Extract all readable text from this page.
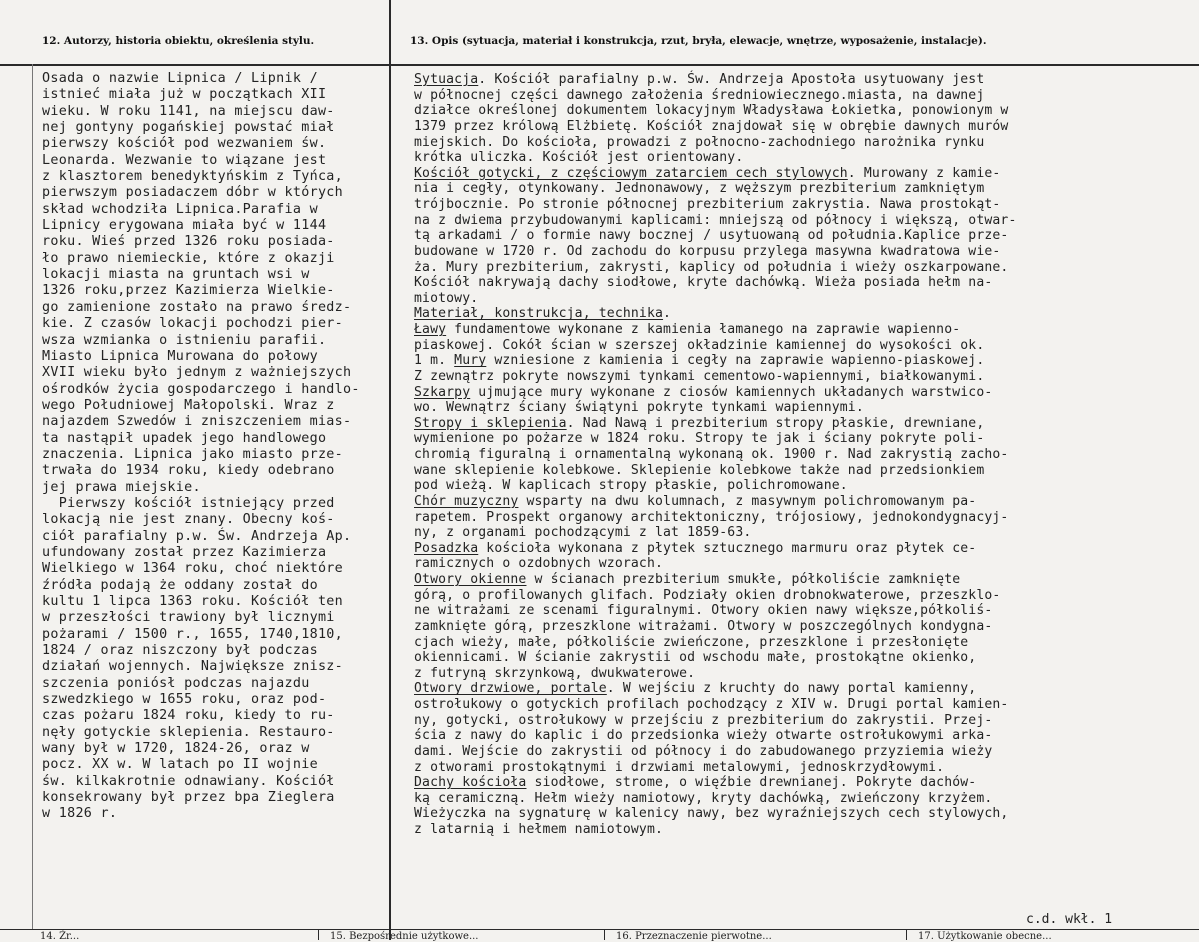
12. Autorzy, historia obiektu, określenia stylu.	13. Opis (sytuacja, materiał i konstrukcja, rzut, bryła, elewacje, wnętrze, wyposażenie, instalacje).
Osada o nazwie Lipnica / Lipnik /
istnieć miała już w początkach XII
wieku. W roku 1141, na miejscu daw-
nej gontyny pogańskiej powstać miał
pierwszy kościół pod wezwaniem św.
Leonarda. Wezwanie to wiązane jest
z klasztorem benedyktyńskim z Tyńca,
pierwszym posiadaczem dóbr w których
skład wchodziła Lipnica.Parafia w
Lipnicy erygowana miała być w 1144
roku. Wieś przed 1326 roku posiada-
ło prawo niemieckie, które z okazji
lokacji miasta na gruntach wsi w
1326 roku,przez Kazimierza Wielkie-
go zamienione zostało na prawo średz-
kie. Z czasów lokacji pochodzi pier-
wsza wzmianka o istnieniu parafii.
Miasto Lipnica Murowana do połowy
XVII wieku było jednym z ważniejszych
ośrodków życia gospodarczego i handlo-
wego Południowej Małopolski. Wraz z
najazdem Szwedów i zniszczeniem mias-
ta nastąpił upadek jego handlowego
znaczenia. Lipnica jako miasto prze-
trwała do 1934 roku, kiedy odebrano
jej prawa miejskie.
Pierwszy kościół istniejący przed
lokacją nie jest znany. Obecny koś-
ciół parafialny p.w. Św. Andrzeja Ap.
ufundowany został przez Kazimierza
Wielkiego w 1364 roku, choć niektóre
źródła podają że oddany został do
kultu 1 lipca 1363 roku. Kościół ten
w przeszłości trawiony był licznymi
pożarami / 1500 r., 1655, 1740,1810,
1824 / oraz niszczony był podczas
działań wojennych. Największe znisz-
szczenia poniósł podczas najazdu
szwedzkiego w 1655 roku, oraz pod-
czas pożaru 1824 roku, kiedy to ru-
nęły gotyckie sklepienia. Restauro-
wany był w 1720, 1824-26, oraz w
pocz. XX w. W latach po II wojnie
św. kilkakrotnie odnawiany. Kościół
konsekrowany był przez bpa Zieglera
w 1826 r.
Sytuacja. Kościół parafialny p.w. Św. Andrzeja Apostoła usytuowany jest
w północnej części dawnego założenia średniowiecznego.miasta, na dawnej
działce określonej dokumentem lokacyjnym Władysława Łokietka, ponowionym w
1379 przez królową Elżbietę. Kościół znajdował się w obrębie dawnych murów
miejskich. Do kościoła, prowadzi z połnocno-zachodniego narożnika rynku
krótka uliczka. Kościół jest orientowany.
Kościół gotycki, z częściowym zatarciem cech stylowych. Murowany z kamie-
nia i cegły, otynkowany. Jednonawowy, z węższym prezbiterium zamkniętym
trójbocznie. Po stronie północnej prezbiterium zakrystia. Nawa prostokąt-
na z dwiema przybudowanymi kaplicami: mniejszą od północy i większą, otwar-
tą arkadami / o formie nawy bocznej / usytuowaną od południa.Kaplice prze-
budowane w 1720 r. Od zachodu do korpusu przylega masywna kwadratowa wie-
ża. Mury prezbiterium, zakrysti, kaplicy od południa i wieży oszkarpowane.
Kościół nakrywają dachy siodłowe, kryte dachówką. Wieża posiada hełm na-
miotowy.
Materiał, konstrukcja, technika.
Ławy fundamentowe wykonane z kamienia łamanego na zaprawie wapienno-
piaskowej. Cokół ścian w szerszej okładzinie kamiennej do wysokości ok.
1 m. Mury wzniesione z kamienia i cegły na zaprawie wapienno-piaskowej.
Z zewnątrz pokryte nowszymi tynkami cementowo-wapiennymi, białkowanymi.
Szkarpy ujmujące mury wykonane z ciosów kamiennych układanych warstwico-
wo. Wewnątrz ściany świątyni pokryte tynkami wapiennymi.
Stropy i sklepienia. Nad Nawą i prezbiterium stropy płaskie, drewniane,
wymienione po pożarze w 1824 roku. Stropy te jak i ściany pokryte poli-
chromią figuralną i ornamentalną wykonaną ok. 1900 r. Nad zakrystią zacho-
wane sklepienie kolebkowe. Sklepienie kolebkowe także nad przedsionkiem
pod wieżą. W kaplicach stropy płaskie, polichromowane.
Chór muzyczny wsparty na dwu kolumnach, z masywnym polichromowanym pa-
rapetem. Prospekt organowy architektoniczny, trójosiowy, jednokondygnacyj-
ny, z organami pochodzącymi z lat 1859-63.
Posadzka kościoła wykonana z płytek sztucznego marmuru oraz płytek ce-
ramicznych o ozdobnych wzorach.
Otwory okienne w ścianach prezbiterium smukłe, półkoliście zamknięte
górą, o profilowanych glifach. Podziały okien drobnokwaterowe, przeszklo-
ne witrażami ze scenami figuralnymi. Otwory okien nawy większe,półkoliś-
zamknięte górą, przeszklone witrażami. Otwory w poszczególnych kondygna-
cjach wieży, małe, półkoliście zwieńczone, przeszklone i przesłonięte
okiennicami. W ścianie zakrystii od wschodu małe, prostokątne okienko,
z futryną skrzynkową, dwukwaterowe.
Otwory drzwiowe, portale. W wejściu z kruchty do nawy portal kamienny,
ostrołukowy o gotyckich profilach pochodzący z XIV w. Drugi portal kamien-
ny, gotycki, ostrołukowy w przejściu z prezbiterium do zakrystii. Przej-
ścia z nawy do kaplic i do przedsionka wieży otwarte ostrołukowymi arka-
dami. Wejście do zakrystii od północy i do zabudowanego przyziemia wieży
z otworami prostokątnymi i drzwiami metalowymi, jednoskrzydłowymi.
Dachy kościoła siodłowe, strome, o więźbie drewnianej. Pokryte dachów-
ką ceramiczną. Hełm wieży namiotowy, kryty dachówką, zwieńczony krzyżem.
Wieżyczka na sygnaturę w kalenicy nawy, bez wyraźniejszych cech stylowych,
z latarnią i hełmem namiotowym.
c.d. wkł. 1
14. Źr...	15. Bezpośrednie użytkowe...	16. Przeznaczenie pierwotne...	17. Użytkowanie obecne...
